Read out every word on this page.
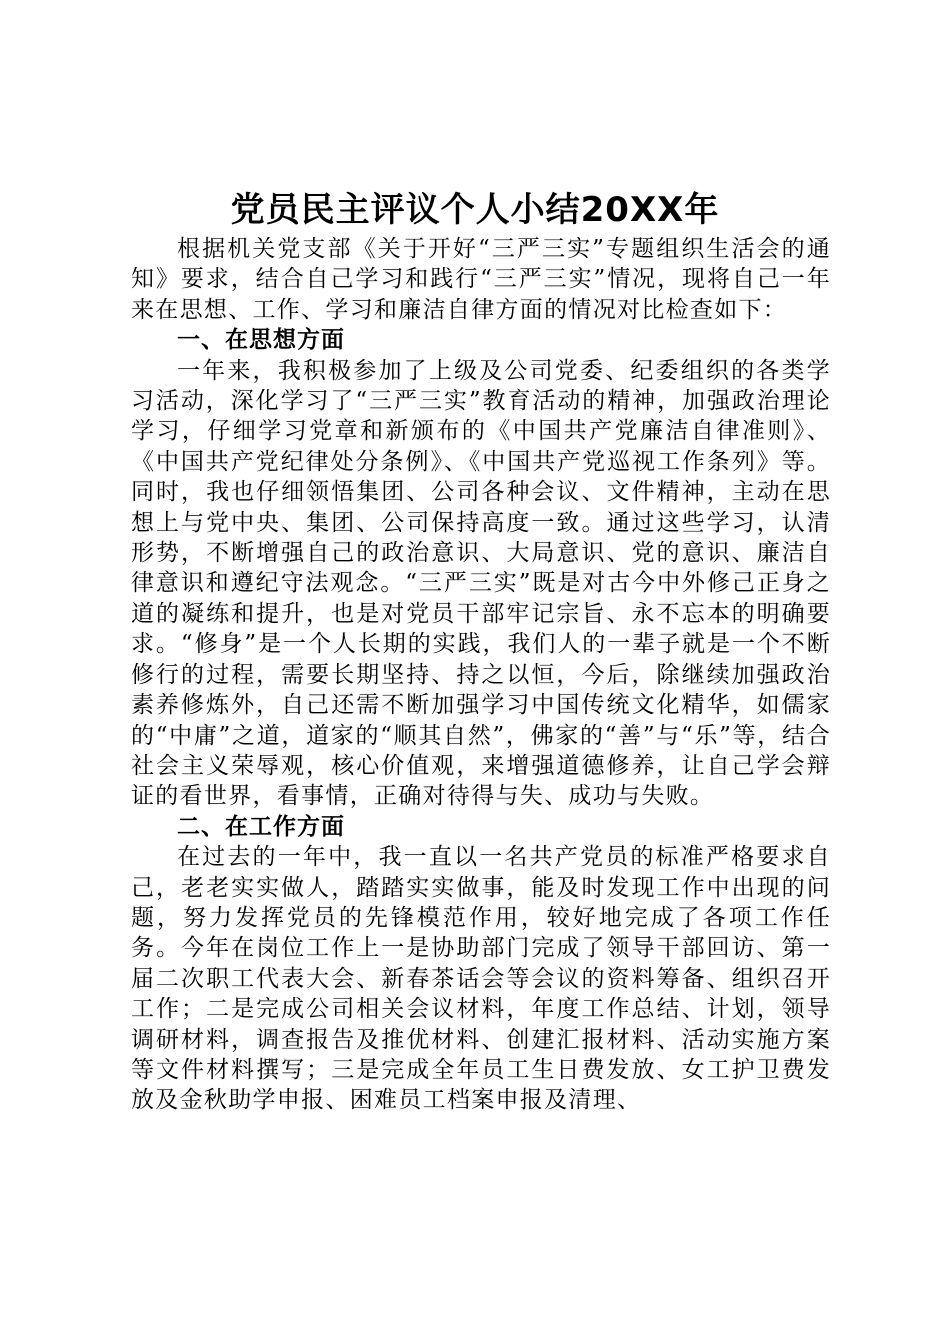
党员民主评议个人小结20XX年

根据机关党支部《关于开好“三严三实”专题组织生活会的通知》要求，结合自己学习和践行“三严三实”情况，现将自己一年来在思想、工作、学习和廉洁自律方面的情况对比检查如下：

一、在思想方面

一年来，我积极参加了上级及公司党委、纪委组织的各类学习活动，深化学习了“三严三实”教育活动的精神，加强政治理论学习，仔细学习党章和新颁布的《中国共产党廉洁自律准则》、《中国共产党纪律处分条例》、《中国共产党巡视工作条列》等。同时，我也仔细领悟集团、公司各种会议、文件精神，主动在思想上与党中央、集团、公司保持高度一致。通过这些学习，认清形势，不断增强自己的政治意识、大局意识、党的意识、廉洁自律意识和遵纪守法观念。“三严三实”既是对古今中外修己正身之道的凝练和提升，也是对党员干部牢记宗旨、永不忘本的明确要求。“修身”是一个人长期的实践，我们人的一辈子就是一个不断修行的过程，需要长期坚持、持之以恒，今后，除继续加强政治素养修炼外，自己还需不断加强学习中国传统文化精华，如儒家的“中庸”之道，道家的“顺其自然”，佛家的“善”与“乐”等，结合社会主义荣辱观，核心价值观，来增强道德修养，让自己学会辩证的看世界，看事情，正确对待得与失、成功与失败。

二、在工作方面

在过去的一年中，我一直以一名共产党员的标准严格要求自己，老老实实做人，踏踏实实做事，能及时发现工作中出现的问题，努力发挥党员的先锋模范作用，较好地完成了各项工作任务。今年在岗位工作上一是协助部门完成了领导干部回访、第一届二次职工代表大会、新春茶话会等会议的资料筹备、组织召开工作；二是完成公司相关会议材料，年度工作总结、计划，领导调研材料，调查报告及推优材料、创建汇报材料、活动实施方案等文件材料撰写；三是完成全年员工生日费发放、女工护卫费发放及金秋助学申报、困难员工档案申报及清理、
